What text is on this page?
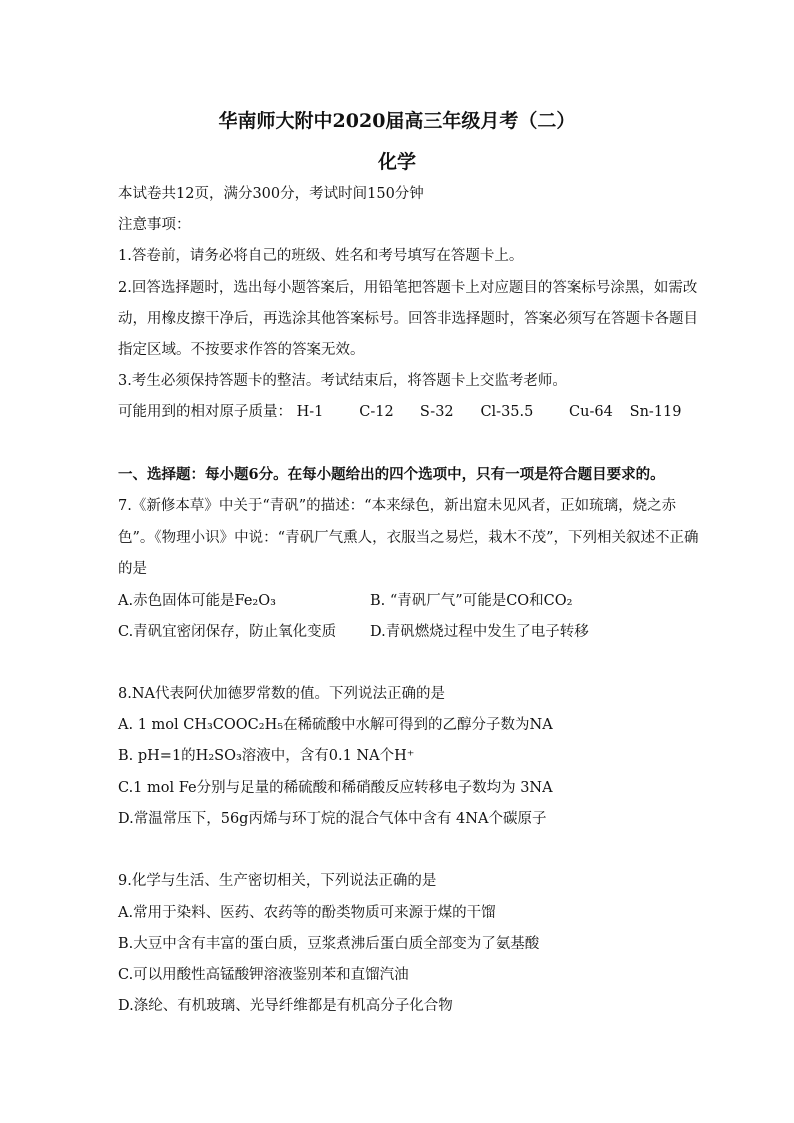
华南师大附中2020届高三年级月考（二）
化学
本试卷共12页，满分300分，考试时间150分钟
注意事项：
1.答卷前，请务必将自己的班级、姓名和考号填写在答题卡上。
2.回答选择题时，选出每小题答案后，用铅笔把答题卡上对应题目的答案标号涂黑，如需改
动，用橡皮擦干净后，再选涂其他答案标号。回答非选择题时，答案必须写在答题卡各题目
指定区域。不按要求作答的答案无效。
3.考生必须保持答题卡的整洁。考试结束后，将答题卡上交监考老师。
可能用到的相对原子质量： H-1 C-12 S-32 Cl-35.5 Cu-64 Sn-119
一、选择题：每小题6分。在每小题给出的四个选项中，只有一项是符合题目要求的。
7.《新修本草》中关于“青矾”的描述：“本来绿色，新出窟未见风者，正如琉璃，烧之赤
色”。《物理小识》中说：“青矾厂气熏人，衣服当之易烂，栽木不茂”，下列相关叙述不正确
的是
A.赤色固体可能是Fe₂O₃	B. “青矾厂气”可能是CO和CO₂
C.青矾宜密闭保存，防止氧化变质 D.青矾燃烧过程中发生了电子转移
8.NA代表阿伏加德罗常数的值。下列说法正确的是
A. 1 mol CH₃COOC₂H₅在稀硫酸中水解可得到的乙醇分子数为NA
B. pH=1的H₂SO₃溶液中，含有0.1 NA个H⁺
C.1 mol Fe分别与足量的稀硫酸和稀硝酸反应转移电子数均为 3NA
D.常温常压下，56g丙烯与环丁烷的混合气体中含有 4NA个碳原子
9.化学与生活、生产密切相关，下列说法正确的是
A.常用于染料、医药、农药等的酚类物质可来源于煤的干馏
B.大豆中含有丰富的蛋白质，豆浆煮沸后蛋白质全部变为了氨基酸
C.可以用酸性高锰酸钾溶液鉴别苯和直馏汽油
D.涤纶、有机玻璃、光导纤维都是有机高分子化合物
